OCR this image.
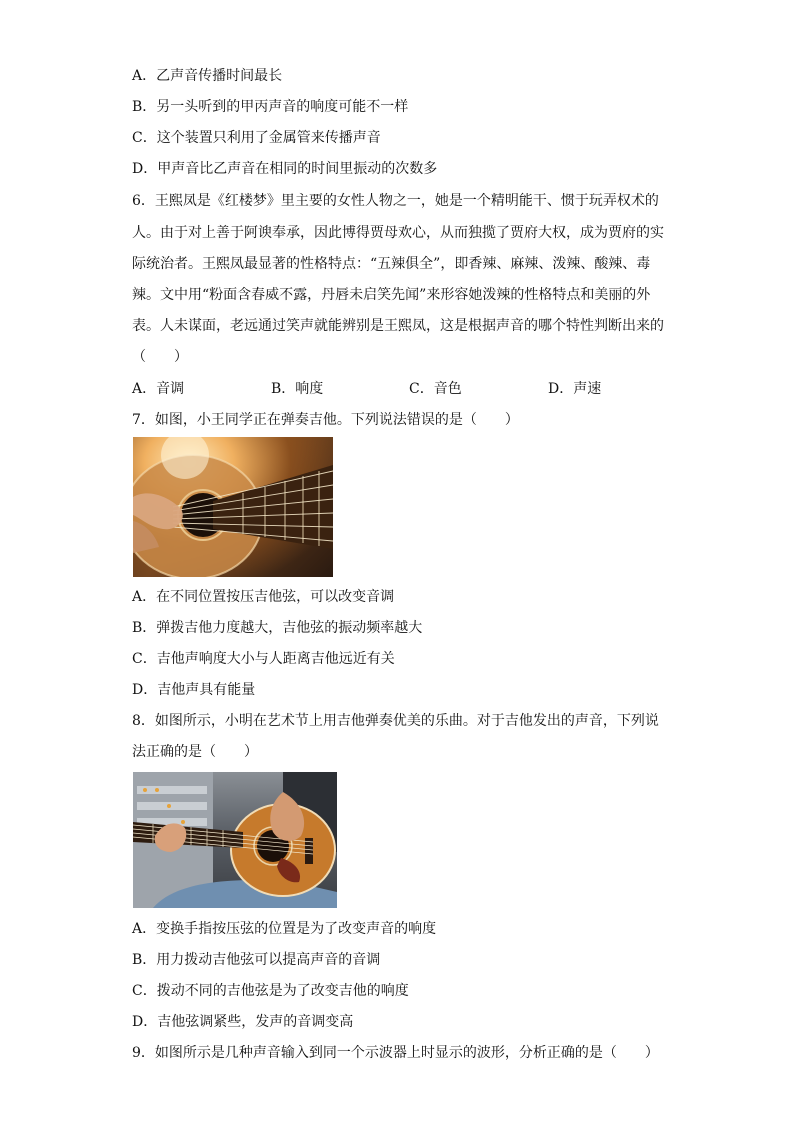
A．乙声音传播时间最长
B．另一头听到的甲丙声音的响度可能不一样
C．这个装置只利用了金属管来传播声音
D．甲声音比乙声音在相同的时间里振动的次数多
6．王熙凤是《红楼梦》里主要的女性人物之一，她是一个精明能干、惯于玩弄权术的
人。由于对上善于阿谀奉承，因此博得贾母欢心，从而独揽了贾府大权，成为贾府的实
际统治者。王熙凤最显著的性格特点：“五辣俱全”，即香辣、麻辣、泼辣、酸辣、毒
辣。文中用“粉面含春威不露，丹唇未启笑先闻”来形容她泼辣的性格特点和美丽的外
表。人未谋面，老远通过笑声就能辨别是王熙凤，这是根据声音的哪个特性判断出来的
（　　）
A．音调	B．响度	C．音色	D．声速
7．如图，小王同学正在弹奏吉他。下列说法错误的是（　　）
A．在不同位置按压吉他弦，可以改变音调
B．弹拨吉他力度越大，吉他弦的振动频率越大
C．吉他声响度大小与人距离吉他远近有关
D．吉他声具有能量
8．如图所示，小明在艺术节上用吉他弹奏优美的乐曲。对于吉他发出的声音，下列说
法正确的是（　　）
A．变换手指按压弦的位置是为了改变声音的响度
B．用力拨动吉他弦可以提高声音的音调
C．拨动不同的吉他弦是为了改变吉他的响度
D．吉他弦调紧些，发声的音调变高
9．如图所示是几种声音输入到同一个示波器上时显示的波形，分析正确的是（　　）
